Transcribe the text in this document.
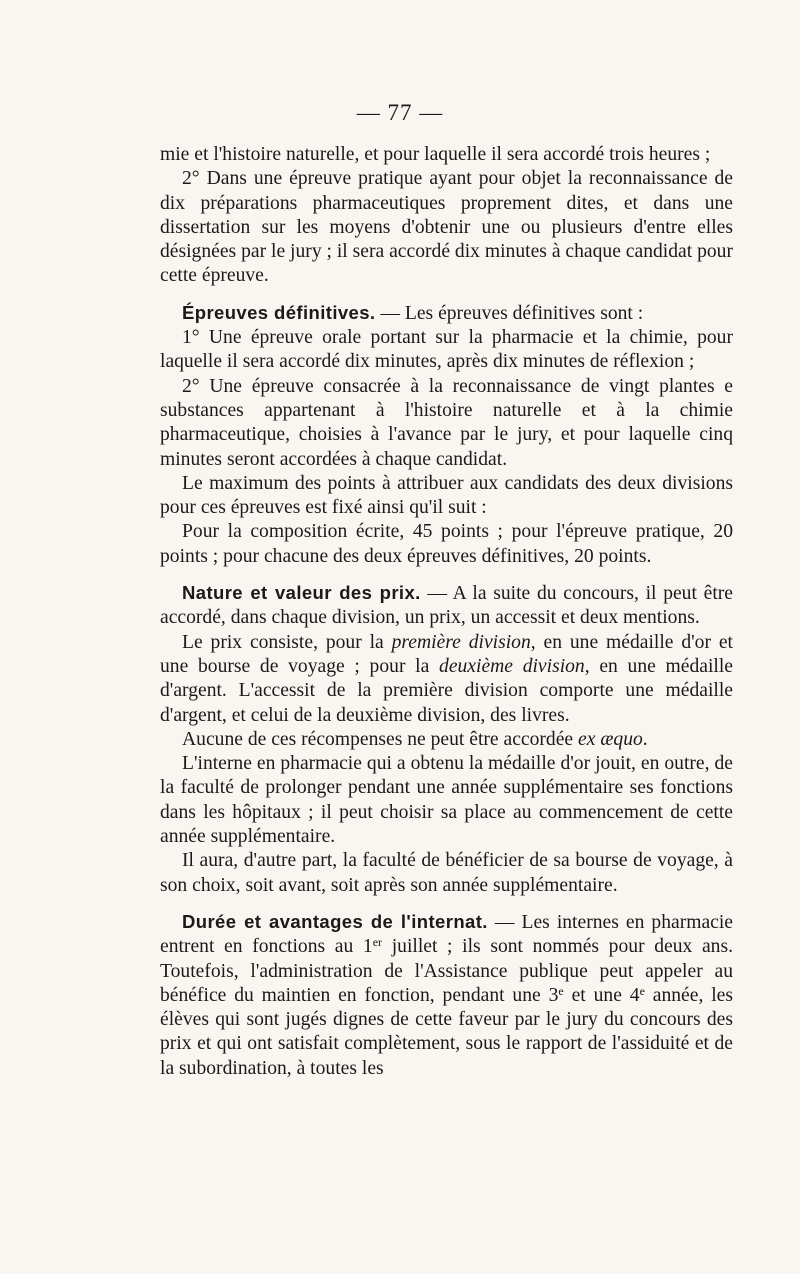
— 77 —

mie et l'histoire naturelle, et pour laquelle il sera accordé trois heures ;

2° Dans une épreuve pratique ayant pour objet la reconnaissance de dix préparations pharmaceutiques proprement dites, et dans une dissertation sur les moyens d'obtenir une ou plusieurs d'entre elles désignées par le jury ; il sera accordé dix minutes à chaque candidat pour cette épreuve.

Épreuves définitives. — Les épreuves définitives sont :

1° Une épreuve orale portant sur la pharmacie et la chimie, pour laquelle il sera accordé dix minutes, après dix minutes de réflexion ;

2° Une épreuve consacrée à la reconnaissance de vingt plantes e substances appartenant à l'histoire naturelle et à la chimie pharmaceutique, choisies à l'avance par le jury, et pour laquelle cinq minutes seront accordées à chaque candidat.

Le maximum des points à attribuer aux candidats des deux divisions pour ces épreuves est fixé ainsi qu'il suit :

Pour la composition écrite, 45 points ; pour l'épreuve pratique, 20 points ; pour chacune des deux épreuves définitives, 20 points.

Nature et valeur des prix. — A la suite du concours, il peut être accordé, dans chaque division, un prix, un accessit et deux mentions.

Le prix consiste, pour la première division, en une médaille d'or et une bourse de voyage ; pour la deuxième division, en une médaille d'argent. L'accessit de la première division comporte une médaille d'argent, et celui de la deuxième division, des livres.

Aucune de ces récompenses ne peut être accordée ex æquo.

L'interne en pharmacie qui a obtenu la médaille d'or jouit, en outre, de la faculté de prolonger pendant une année supplémentaire ses fonctions dans les hôpitaux ; il peut choisir sa place au commencement de cette année supplémentaire.

Il aura, d'autre part, la faculté de bénéficier de sa bourse de voyage, à son choix, soit avant, soit après son année supplémentaire.

Durée et avantages de l'internat. — Les internes en pharmacie entrent en fonctions au 1er juillet ; ils sont nommés pour deux ans. Toutefois, l'administration de l'Assistance publique peut appeler au bénéfice du maintien en fonction, pendant une 3e et une 4e année, les élèves qui sont jugés dignes de cette faveur par le jury du concours des prix et qui ont satisfait complètement, sous le rapport de l'assiduité et de la subordination, à toutes les
